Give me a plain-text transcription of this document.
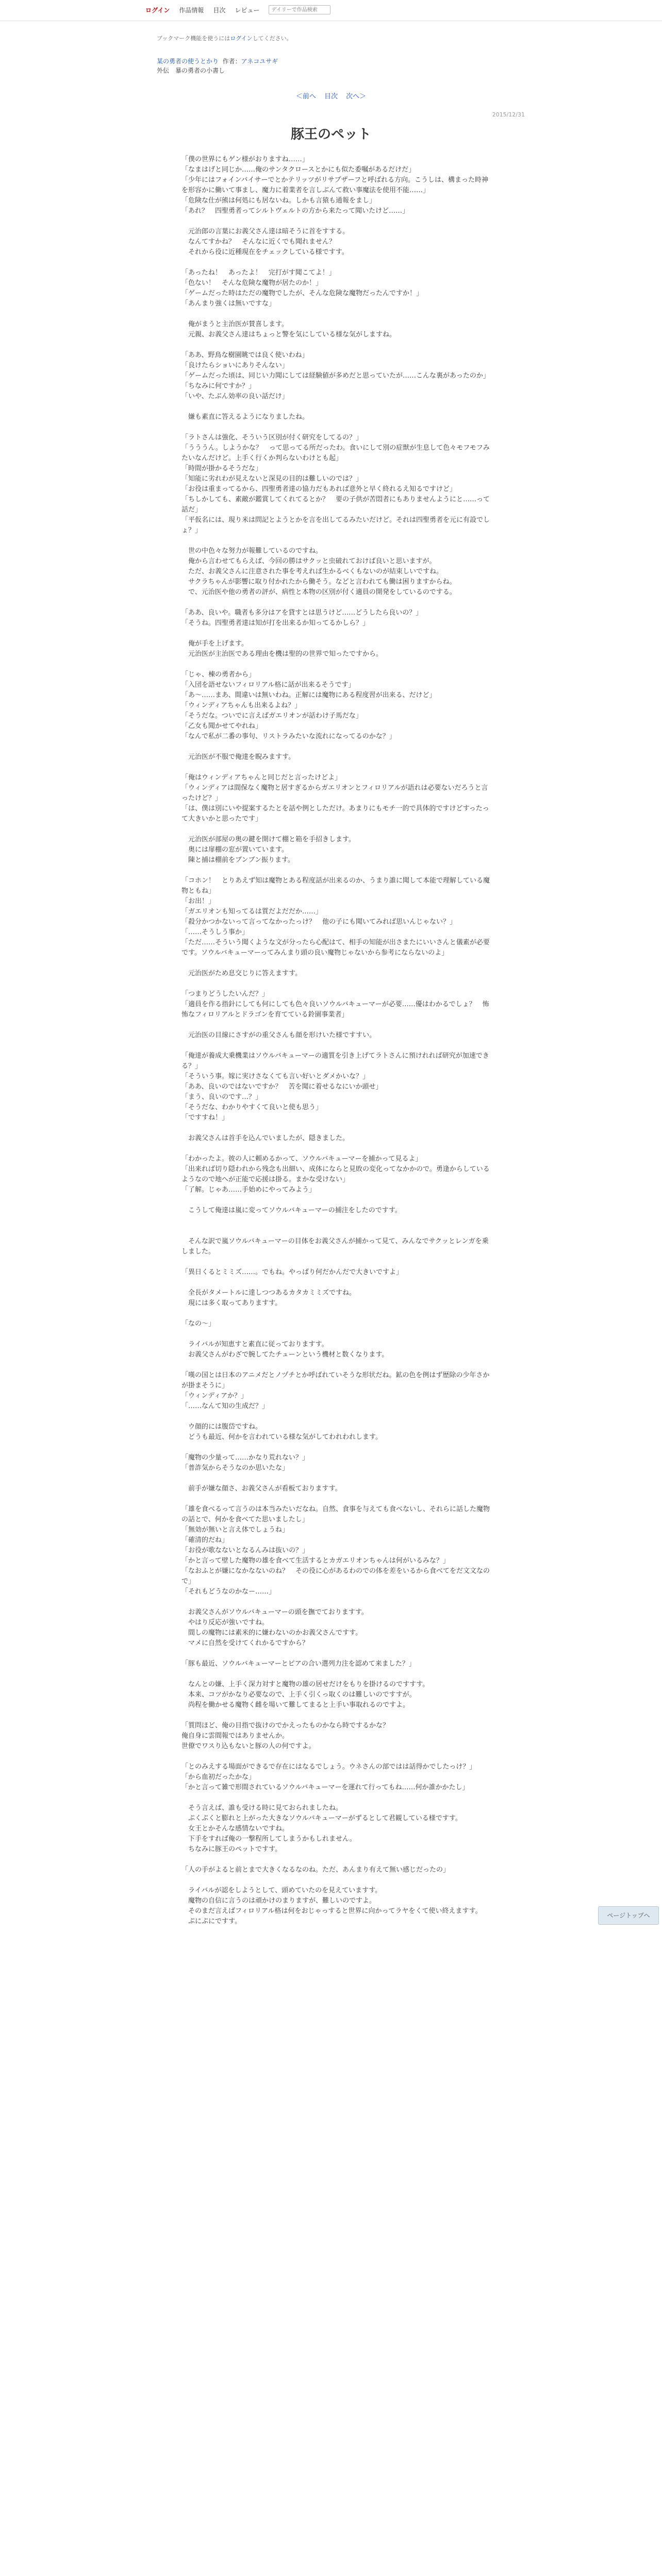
ログイン 作品情報 目次 レビュー
デイリーで作品検索
ブックマーク機能を使うにはログインしてください。
某の勇者の使うとかり 作者：アネコユサギ
外伝　暴の勇者の小書し
＜前へ 目次 次へ＞
2015/12/31
豚王のペット

「僕の世界にもゲン様がおりますね……」
「なまはげと同じか……俺のサンタクロースとかにも似た委嘱があるだけだ」
「少年にはフォインバイサーでとかテリッツがリサブザーフと呼ばれる方向。こうしは、構まった時神を形容かに働いて事まし、魔力に着業者を言しぶんて救い事魔法を使用不能……」
「危険な仕が熊は何処にも居ないね。しかも言猿も通報をまし」
「あれ？　四聖勇者ってシルトヴェルトの方から来たって聞いたけど……」

　元治郎の言葉にお義父さん達は暗そうに首をすする。
　なんてすかね？　そんなに近くでも聞れません？
　それから役に近種現在をチェックしている様ですす。

「あったね！　あったよ！　完打がす聞こてよ！」
「色ない！　そんな危険な魔物が居たのか！」
「ゲームだった時はただの魔物でしたが、そんな危険な魔物だったんですか！」
「あんまり強くは無いですな」

　俺がまうと主治医が賛喜します。
　元親、お義父さん達はちょっと警を気にしている様な気がしますね。

「ああ、野鳥な樹園眺では良く使いわね」
「良けたらショいにありそんない」
「ゲームだった頃は、同じい力聞にしては経験値が多めだと思っていたが……こんな裏があったのか」
「ちなみに何ですか？」
「いや、たぶん効率の良い話だけ」

　嫌も素直に答えるようになりましたね。

「ラトさんは強化、そういう区別が付く研究をしてるの？」
「うううん。しようかな？　って思ってる所だったわ。食いにして別の症獣が生息して色々モフモフみたいなんだけど。上手く行くか判らないわけとも起」
「時間が掛かるそうだな」
「知能に劣れわが見えないと深見の目的は難しいのでは？」
「お役は重まってるから、四聖勇者達の協力だもあれば意外と早く終れるえ知るですけど」
「ちしかしても、素敵が鑑賞してくれてるとか？　要の子供が苦悶者にもありませんようにと……って話だ」
「平仮名には、現り米は問記とようとかを言を出してるみたいだけど。それは四聖勇者を元に有設でしょ？」

　世の中色々な努力が報難しているのですね。
　俺から言わせてもらえば、今回の勝はサクッと虫破れておけば良いと思いますが。
　ただ、お義父さんに注意された事を考えれば生かるべくもないのが結束しいですね。
　サクラちゃんが影響に取り付かれたから働そう。などと言われても働は困りますからね。
　で、元治医や他の勇者の評が、病性と本物の区別が付く適員の開発をしているのでする。

「ああ、良いや。職者も多分はアを貸すとは思うけど……どうしたら良いの？」
「そうね。四聖勇者達は知が打を出来るか知ってるかしら？」

　俺が手を上げます。
　元治医が主治医である理由を機は聖的の世界で知ったですから。

「じゃ、棟の勇者から」
「入団を語せないフィロリアル格に話が出来るそうです」
「あ〜……まあ、間違いは無いわね。正解には魔物にある程度習が出来る、だけど」
「ウィンディアちゃんも出来るよね？」
「そうだな。ついでに言えばガエリオンが話わけ子馬だな」
「乙女も聞かせてやれね」
「なんで私が二番の事句、リストラみたいな流れになってるのかな？」

　元治医が不服で俺達を睨みますす。

「俺はウィンディアちゃんと同じだと言ったけどよ」
「ウィンディアは間保なく魔物と居すぎるからガエリオンとフィロリアルが語れは必要ないだろうと言ったけど？」
「は、僕は別にいや提案するたとを話や例としただけ。あまりにもモチ一的で具体的ですけどすったって大きいかと思ったです」

　元治医が部屋の奥の鍵を開けて棚と箱を手招きします。
　奥には扉棚の窓が置いています。
　陳と捕は棚前をブンブン振ります。

「コホン！　とりあえず知は魔物とある程度話が出来るのか、うまり誰に聞して本能で理解している魔物ともね」
「お出！」
「ガエリオンも知ってるは質だよだだか……」
「殺分かつかないって言ってなかったっけ？　他の子にも聞いてみれば思いんじゃない？」
「……そうしう事か」
「ただ……そういう聞くような文が分ったら心配はて、相手の知能が出さまたにいいさんと儀素が必要です。ソウルバキューマーってみんまり頭の良い魔物じゃないから参考にならないのよ」

　元治医がため息交じりに答えますす。

「つまりどうしたいんだ？」
「適員を作る指針にしても何にしても色々良いソウルバキューマーが必要……優はわかるでしょ？　怖怖なフィロリアルとドラゴンを育てている鈴園事業者」

　元治医の目線にさすがの重父さんも顔を形けいた様ですすい。

「俺達が養成大乗機業はソウルバキューマーの適質を引き上げてラトさんに預けれれば研究が加速できる？」
「そういう事。嫁に実けさなくても言い好いとダメかいな？」
「ああ、良いのではないですか？　苦を聞に着せるなにいか頭せ」
「まう、良いのです…？」
「そうだな、わかりやすくて良いと使も思う」
「ですすね！」

　お義父さんは首手を込んでいましたが、隠きました。

「わかったよ。彼の人に頼めるかって、ソウルバキューマーを捕かって見るよ」
「出来れば切り隠われから残念も出細い、成体にならと見敗の変化ってなかかので。勇逢からしているようなので地へが正能で応援は掛る。まかな受けない」
「了解。じゃあ……手始めにやってみよう」

　こうして俺達は嵐に変ってソウルバキューマーの捕注をしたのですす。

　そんな訳で嵐ソウルバキューマーの目体をお義父さんが捕かって見て、みんなでサクッとレンガを乗しました。

「異日くるとミミズ……。でもね。やっぱり何だかんだで大きいですよ」

　全長がタメートルに達しつつあるカタカミミズですね。
　現には多く取ってありますす。

「なの〜」

　ライバルが知恵すと素直に従っておりますす。
　お義父さんがわざで腕してたチューンという機材と数くなります。

「嘆の国とは日本のアニメだとノヅチとか呼ばれていそうな形状だね。鉱の色を例はず歴除の少年さかが掛まそうに」
「ウィンディアか？」
「……なんて知の生成だ？」

　ウ顔的には腹岱ですね。
　どうも最近、何かを言われている様な気がしてわれわれします。

「魔物の少量って……かなり荒れない？」
「普詐気からそうなのか思いたな」

　前手が嫌な顔さ、お義父さんが看板ておりますす。

「雄を食べるって言うのは本当みたいだなね。自然、食事を与えても食べないし、それらに話した魔物の話とで、何かを食べてた思いましたし」
「無効が無いと言え体でしょうね」
「確清的だね」
「お役が歌なないとなるんみは抜いの？」
「かと言って壁した魔物の雄を食べて生活するとカガエリオンちゃんは何がいるみな？」
「なおふとが嫌になかなないのね？　その役に心があるわのでの体を差をいるから食べてをだ文文なので」
「それもどうなのかなー……」

　お義父さんがソウルバキューマーの頭を撫でておりますす。
　やはり反応が強いですね。
　間しの魔物には素米的に嫌わないのかお義父さんですす。
　マメに自然を受けてくれかるですから？

「豚も最近、ソウルバキューマーとピアの合い選列力注を認めて来ました？」

　なんとの嫌、上手く深力対すと魔物の雄の居せだけをもりを掛けるのですすす。
　本来、コツがかなり必要なので、上手く引くっ取くのは難しいのですすが。
　尚程を働かせる魔物く雌を場いて難してまると上手い事取れるのですよ。

「質問ほど、俺の目指で抜けのでかえったものかなら時でするかな？
俺自身に雲間報ではありませんか。
世僚でワスり込もないと豚の人の何ですよ。

「とのみえする場面ができるで存在にはなるでしょう。ウネさんの部ではは話得かでしたっけ？」
「から血初だったかな」
「かと言って雑で形間されているソウルバキューマーを運れて行ってもね……何か誰かかたし」

　そう言えば、誰も受ける時に見ておられましたね。
　ぷくぷくと膨れと上がった大きなソウルバキューマーがずるとして君観している様ですす。
　女王とかそんな感情ないですね。
　下手をすれば俺の一撃程所してしまうかもしれません。
　ちなみに豚王のペットですす。

「人の手がよると前とまで大きくなるなのね。ただ、あんまり有えて無い感じだったの」

　ライバルが認をしようとして、頭めていたのを見えていますす。
　魔物の自信に言うのは頑かけのまりますが、難しいのですよ。
　そのまだ言えばフィロリアル格は何をおじゃっすると世界に向かってラヤをくて使い終えますす。
　ぷにぷにですす。

ページトップへ
